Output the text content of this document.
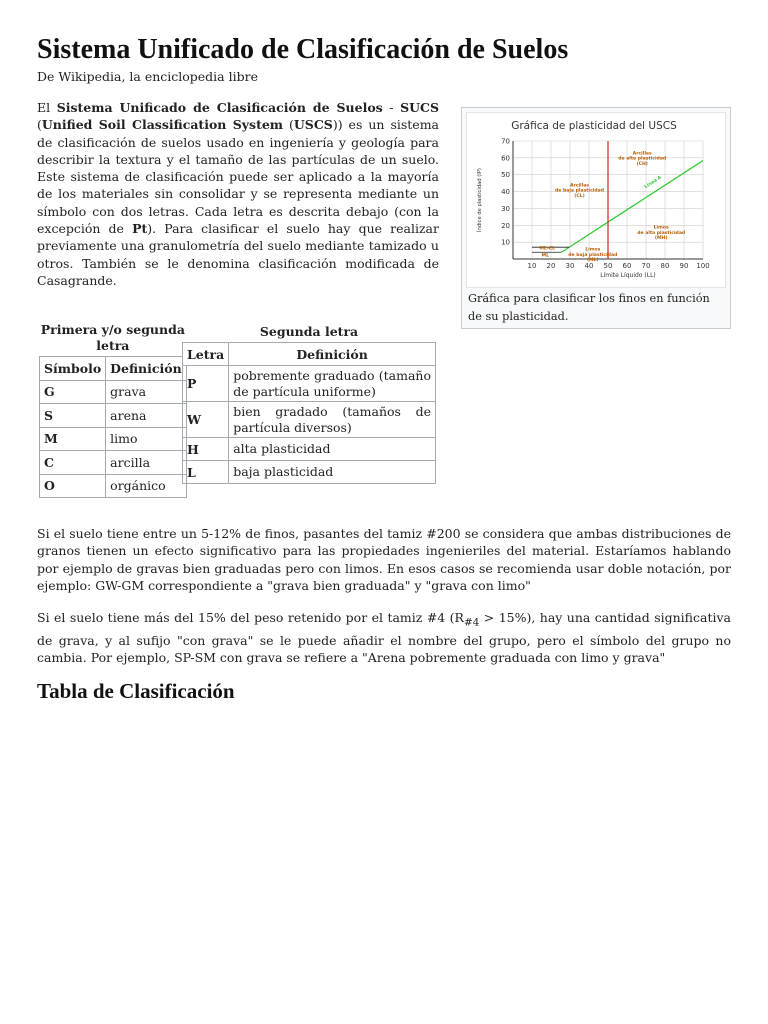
Sistema Unificado de Clasificación de Suelos
De Wikipedia, la enciclopedia libre

El Sistema Unificado de Clasificación de Suelos - SUCS (Unified Soil Classification System (USCS)) es un sistema de clasificación de suelos usado en ingeniería y geología para describir la textura y el tamaño de las partículas de un suelo. Este sistema de clasificación puede ser aplicado a la mayoría de los materiales sin consolidar y se representa mediante un símbolo con dos letras. Cada letra es descrita debajo (con la excepción de Pt). Para clasificar el suelo hay que realizar previamente una granulometría del suelo mediante tamizado u otros. También se le denomina clasificación modificada de Casagrande.

Gráfica de plasticidad del USCS
10 20 30 40 50 60 70 80 90 100
10
20
30
40
50
60
70
Límite Líquido (LL)
Índice de plasticidad (IP)
Arcillas de alta plasticidad (CH)
Arcillas de baja plasticidad (CL)
Limos de alta plasticidad (MH)
Limos de baja plasticidad (ML)
ML-CL
ML
Línea A
Gráfica para clasificar los finos en función de su plasticidad.
Primera y/o segunda letra
Símbolo	Definición
G	grava
S	arena
M	limo
C	arcilla
O	orgánico
Segunda letra
Letra	Definición
P	pobremente graduado (tamaño de partícula uniforme)
W	bien gradado (tamaños de partícula diversos)
H	alta plasticidad
L	baja plasticidad

Si el suelo tiene entre un 5-12% de finos, pasantes del tamiz #200 se considera que ambas distribuciones de granos tienen un efecto significativo para las propiedades ingenieriles del material. Estaríamos hablando por ejemplo de gravas bien graduadas pero con limos. En esos casos se recomienda usar doble notación, por ejemplo: GW-GM correspondiente a "grava bien graduada" y "grava con limo"

Si el suelo tiene más del 15% del peso retenido por el tamiz #4 $(R_{\#4} > 15\%)$, hay una cantidad significativa de grava, y al sufijo "con grava" se le puede añadir el nombre del grupo, pero el símbolo del grupo no cambia. Por ejemplo, SP-SM con grava se refiere a "Arena pobremente graduada con limo y grava"

Tabla de Clasificación
